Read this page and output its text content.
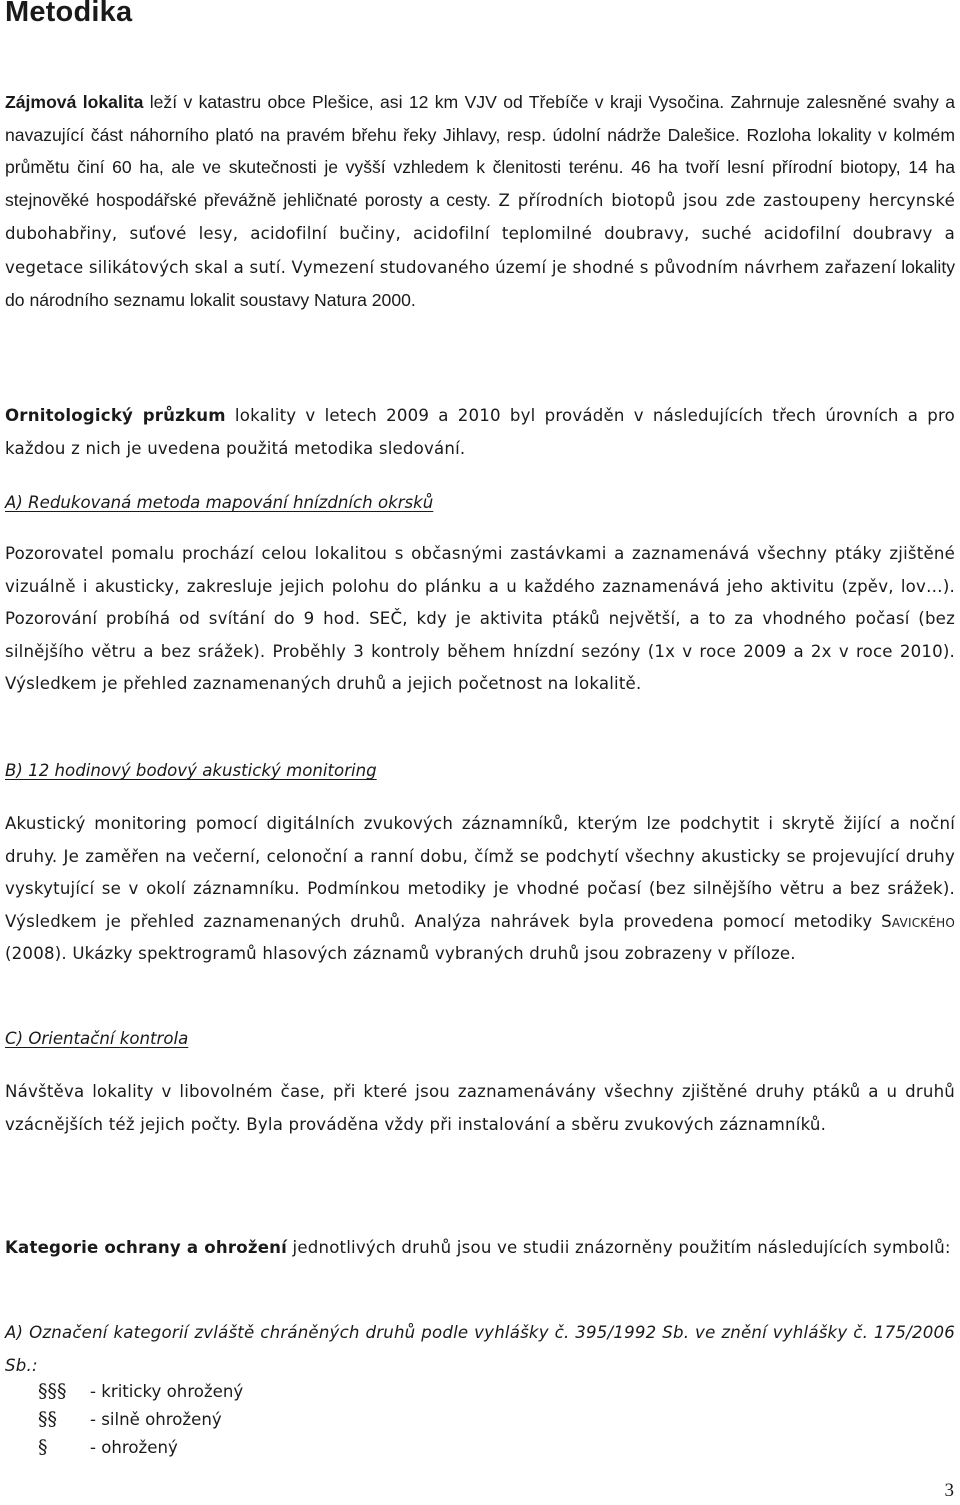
Metodika

Zájmová lokalita leží v katastru obce Plešice, asi 12 km VJV od Třebíče v kraji Vysočina. Zahrnuje zalesněné svahy a navazující část náhorního plató na pravém břehu řeky Jihlavy, resp. údolní nádrže Dalešice. Rozloha lokality v kolmém průmětu činí 60 ha, ale ve skutečnosti je vyšší vzhledem k členitosti terénu. 46 ha tvoří lesní přírodní biotopy, 14 ha stejnověké hospodářské převážně jehličnaté porosty a cesty. Z přírodních biotopů jsou zde zastoupeny hercynské dubohabřiny, suťové lesy, acidofilní bučiny, acidofilní teplomilné doubravy, suché acidofilní doubravy a vegetace silikátových skal a sutí. Vymezení studovaného území je shodné s původním návrhem zařazení lokality do národního seznamu lokalit soustavy Natura 2000.

Ornitologický průzkum lokality v letech 2009 a 2010 byl prováděn v následujících třech úrovních a pro každou z nich je uvedena použitá metodika sledování.

A) Redukovaná metoda mapování hnízdních okrsků

Pozorovatel pomalu prochází celou lokalitou s občasnými zastávkami a zaznamenává všechny ptáky zjištěné vizuálně i akusticky, zakresluje jejich polohu do plánku a u každého zaznamenává jeho aktivitu (zpěv, lov…). Pozorování probíhá od svítání do 9 hod. SEČ, kdy je aktivita ptáků největší, a to za vhodného počasí (bez silnějšího větru a bez srážek). Proběhly 3 kontroly během hnízdní sezóny (1x v roce 2009 a 2x v roce 2010). Výsledkem je přehled zaznamenaných druhů a jejich početnost na lokalitě.

B) 12 hodinový bodový akustický monitoring

Akustický monitoring pomocí digitálních zvukových záznamníků, kterým lze podchytit i skrytě žijící a noční druhy. Je zaměřen na večerní, celonoční a ranní dobu, čímž se podchytí všechny akusticky se projevující druhy vyskytující se v okolí záznamníku. Podmínkou metodiky je vhodné počasí (bez silnějšího větru a bez srážek). Výsledkem je přehled zaznamenaných druhů. Analýza nahrávek byla provedena pomocí metodiky Savického (2008). Ukázky spektrogramů hlasových záznamů vybraných druhů jsou zobrazeny v příloze.

C) Orientační kontrola

Návštěva lokality v libovolném čase, při které jsou zaznamenávány všechny zjištěné druhy ptáků a u druhů vzácnějších též jejich počty. Byla prováděna vždy při instalování a sběru zvukových záznamníků.

Kategorie ochrany a ohrožení jednotlivých druhů jsou ve studii znázorněny použitím následujících symbolů:

A) Označení kategorií zvláště chráněných druhů podle vyhlášky č. 395/1992 Sb. ve znění vyhlášky č. 175/2006 Sb.:

§§§ - kriticky ohrožený
§§ - silně ohrožený
§	- ohrožený
3
